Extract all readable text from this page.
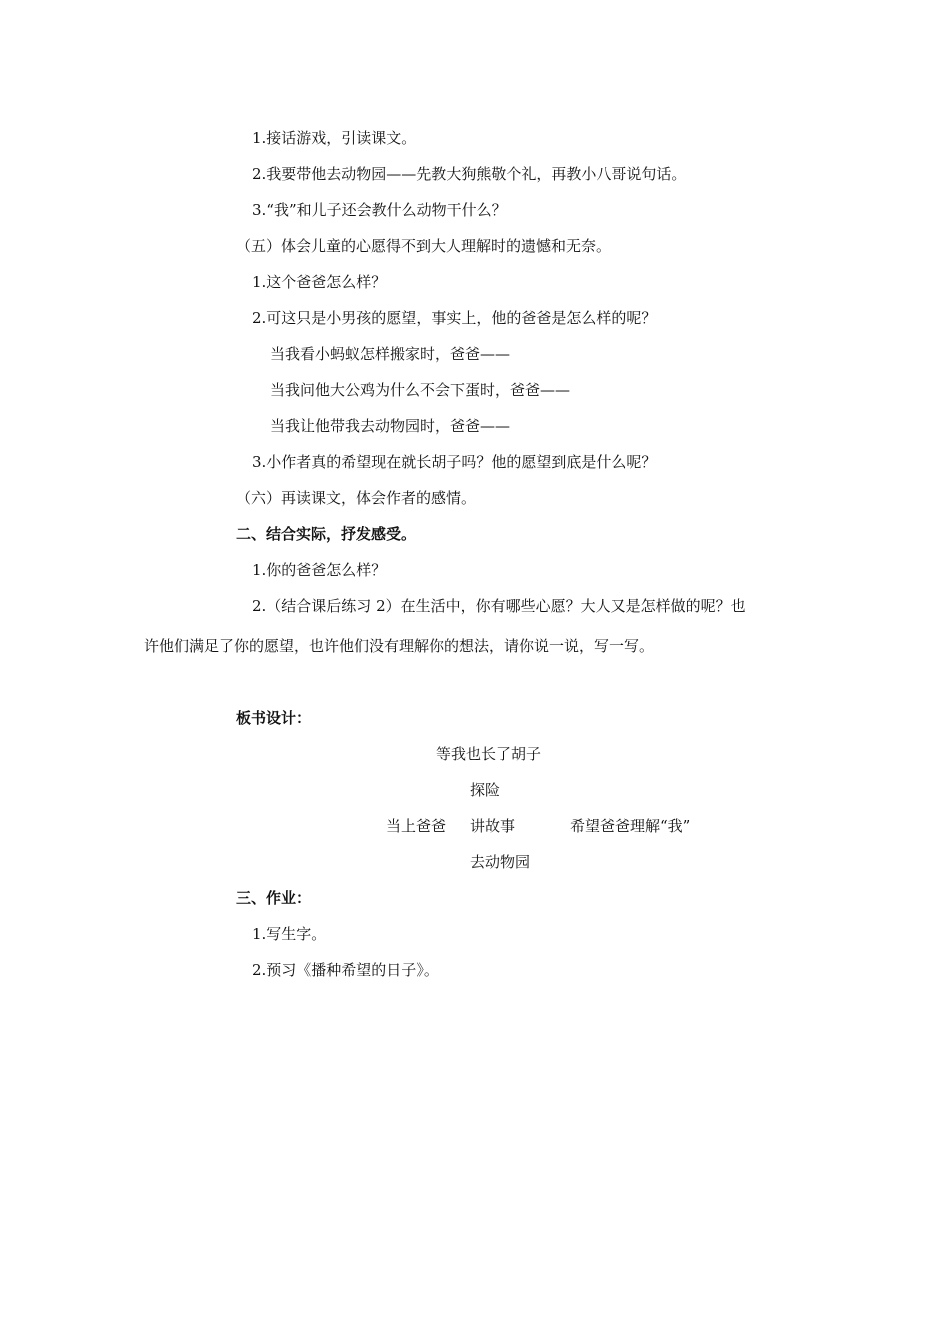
1.接话游戏，引读课文。
2.我要带他去动物园——先教大狗熊敬个礼，再教小八哥说句话。
3.“我”和儿子还会教什么动物干什么？
（五）体会儿童的心愿得不到大人理解时的遗憾和无奈。
1.这个爸爸怎么样？
2.可这只是小男孩的愿望，事实上，他的爸爸是怎么样的呢？
当我看小蚂蚁怎样搬家时，爸爸——
当我问他大公鸡为什么不会下蛋时，爸爸——
当我让他带我去动物园时，爸爸——
3.小作者真的希望现在就长胡子吗？他的愿望到底是什么呢？
（六）再读课文，体会作者的感情。
二、结合实际，抒发感受。
1.你的爸爸怎么样？
2.（结合课后练习 2）在生活中，你有哪些心愿？大人又是怎样做的呢？也
许他们满足了你的愿望，也许他们没有理解你的想法，请你说一说，写一写。
板书设计：
等我也长了胡子
探险
当上爸爸 讲故事	希望爸爸理解“我”
去动物园
三、作业：
1.写生字。
2.预习《播种希望的日子》。
